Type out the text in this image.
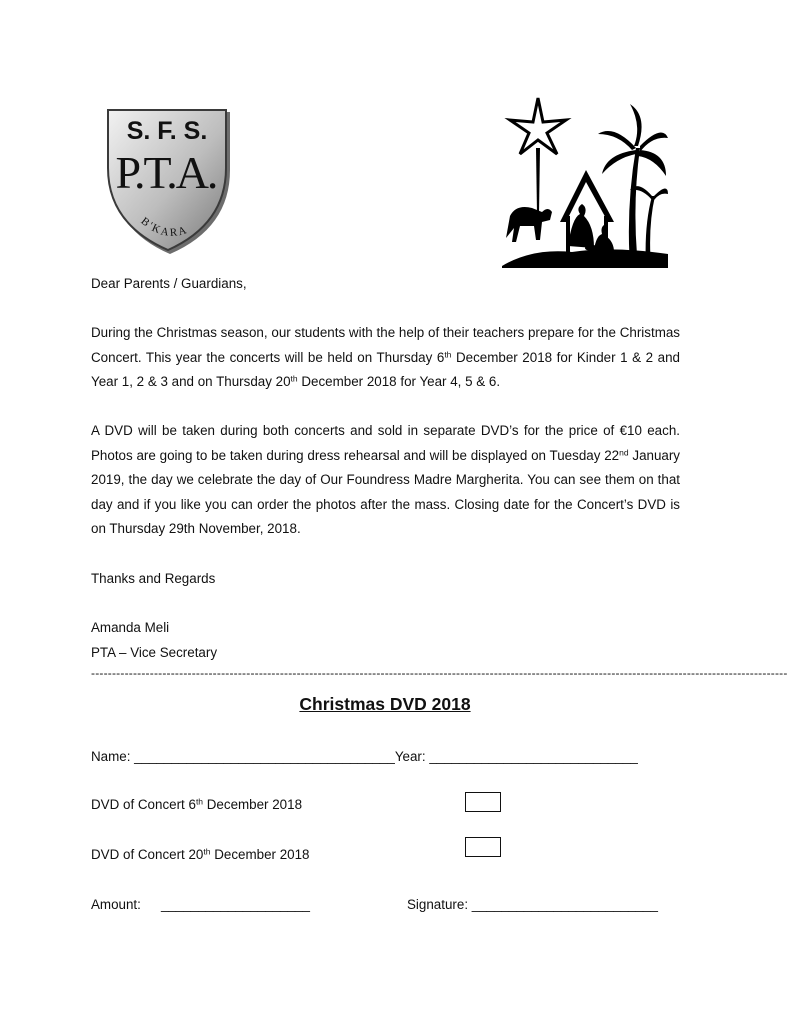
S. F. S.
P.T.A.
B'KARA
Dear Parents / Guardians,

During the Christmas season, our students with the help of their teachers prepare for the Christmas Concert. This year the concerts will be held on Thursday 6th December 2018 for Kinder 1 & 2 and Year 1, 2 & 3 and on Thursday 20th December 2018 for Year 4, 5 & 6.

A DVD will be taken during both concerts and sold in separate DVD’s for the price of €10 each. Photos are going to be taken during dress rehearsal and will be displayed on Tuesday 22nd January 2019, the day we celebrate the day of Our Foundress Madre Margherita. You can see them on that day and if you like you can order the photos after the mass. Closing date for the Concert’s DVD is on Thursday 29th November, 2018.

Thanks and Regards
Amanda Meli
PTA – Vice Secretary
----------------------------------------------------------------------------------------------------------------------------------------------------------------------
Christmas DVD 2018
Name: ___________________________________Year: ____________________________
DVD of Concert 6th December 2018
DVD of Concert 20th December 2018
Amount: ____________________	Signature: _________________________
